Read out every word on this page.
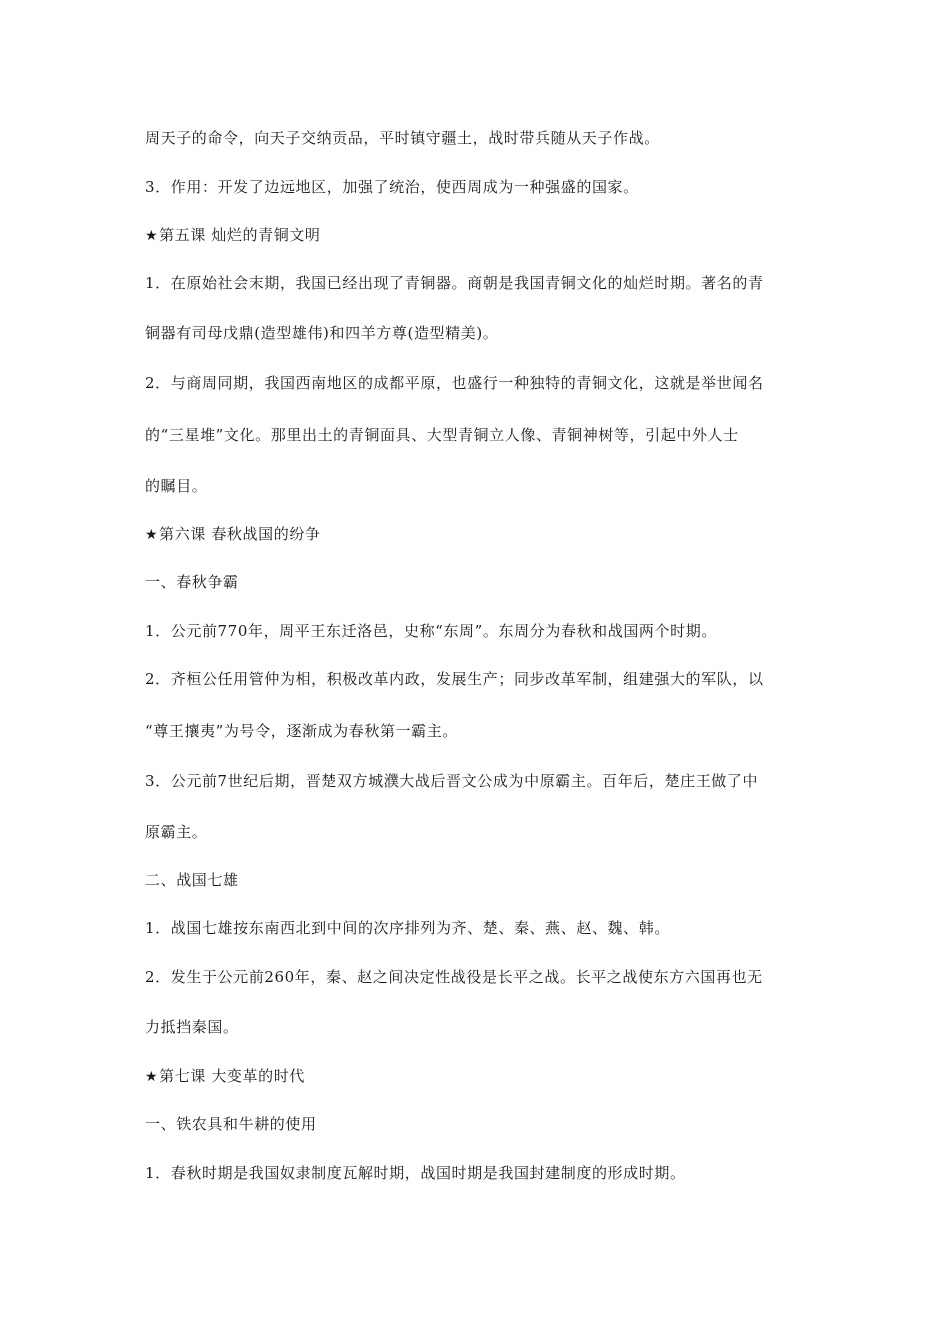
周天子的命令，向天子交纳贡品，平时镇守疆土，战时带兵随从天子作战。
3．作用：开发了边远地区，加强了统治，使西周成为一种强盛的国家。
★第五课 灿烂的青铜文明
1．在原始社会末期，我国已经出现了青铜器。商朝是我国青铜文化的灿烂时期。著名的青
铜器有司母戊鼎(造型雄伟)和四羊方尊(造型精美)。
2．与商周同期，我国西南地区的成都平原，也盛行一种独特的青铜文化，这就是举世闻名
的“三星堆”文化。那里出土的青铜面具、大型青铜立人像、青铜神树等，引起中外人士
的瞩目。
★第六课 春秋战国的纷争
一、春秋争霸
1．公元前770年，周平王东迁洛邑，史称“东周”。东周分为春秋和战国两个时期。
2．齐桓公任用管仲为相，积极改革内政，发展生产；同步改革军制，组建强大的军队，以
“尊王攘夷”为号令，逐渐成为春秋第一霸主。
3．公元前7世纪后期，晋楚双方城濮大战后晋文公成为中原霸主。百年后，楚庄王做了中
原霸主。
二、战国七雄
1．战国七雄按东南西北到中间的次序排列为齐、楚、秦、燕、赵、魏、韩。
2．发生于公元前260年，秦、赵之间决定性战役是长平之战。长平之战使东方六国再也无
力抵挡秦国。
★第七课 大变革的时代
一、铁农具和牛耕的使用
1．春秋时期是我国奴隶制度瓦解时期，战国时期是我国封建制度的形成时期。
